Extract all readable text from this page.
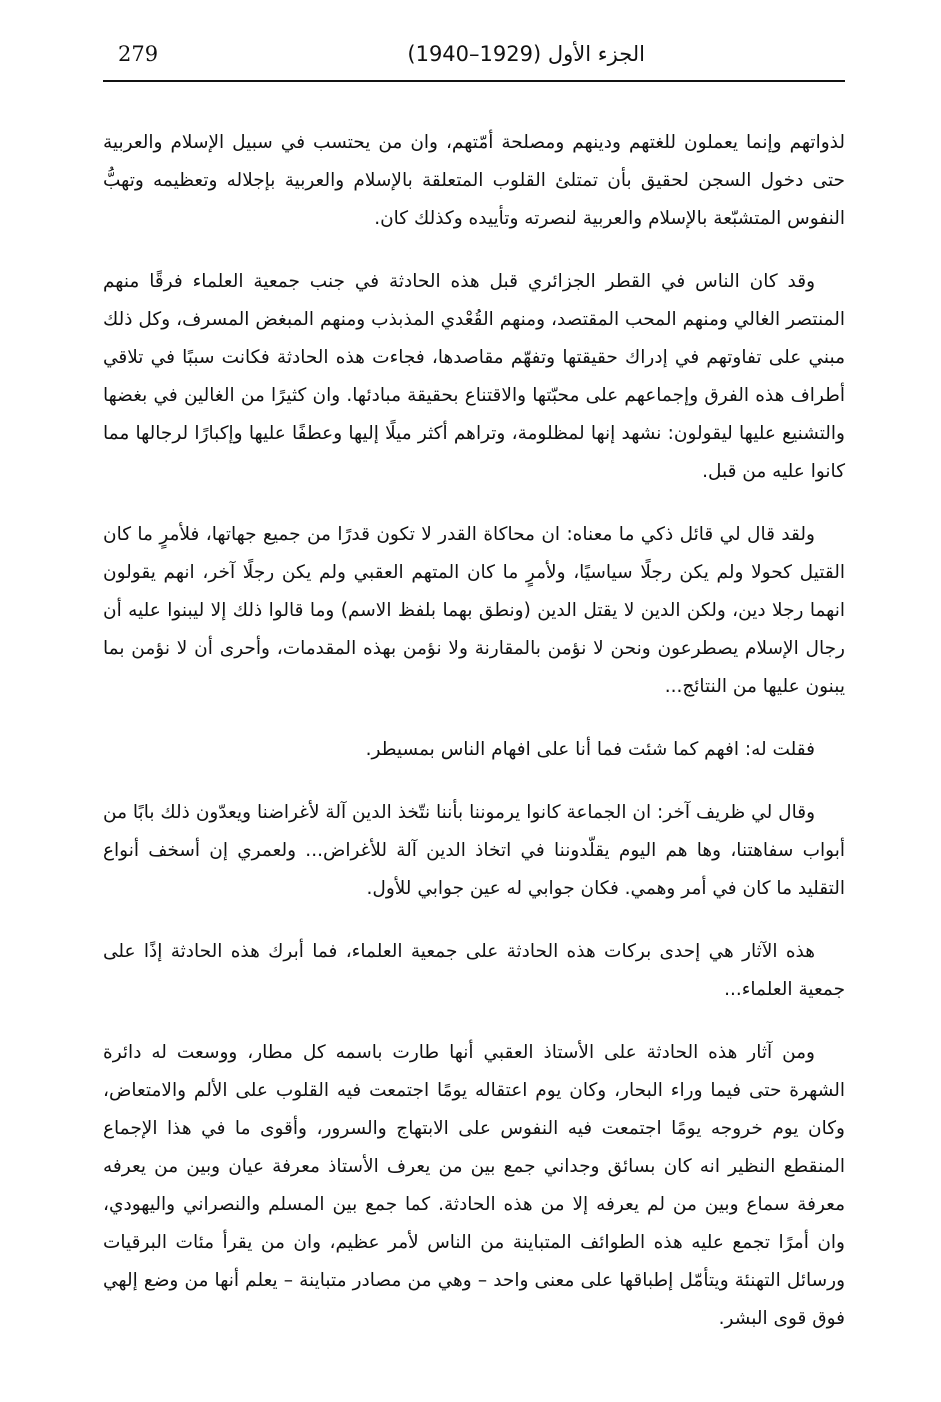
279	الجزء الأول (1929–1940)

لذواتهم وإنما يعملون للغتهم ودينهم ومصلحة أمّتهم، وان من يحتسب في سبيل الإسلام والعربية حتى دخول السجن لحقيق بأن تمتلئ القلوب المتعلقة بالإسلام والعربية بإجلاله وتعظيمه وتهبُّ النفوس المتشبّعة بالإسلام والعربية لنصرته وتأييده وكذلك كان.

وقد كان الناس في القطر الجزائري قبل هذه الحادثة في جنب جمعية العلماء فرقًا منهم المنتصر الغالي ومنهم المحب المقتصد، ومنهم القُعْدي المذبذب ومنهم المبغض المسرف، وكل ذلك مبني على تفاوتهم في إدراك حقيقتها وتفهّم مقاصدها، فجاءت هذه الحادثة فكانت سببًا في تلاقي أطراف هذه الفرق وإجماعهم على محبّتها والاقتناع بحقيقة مبادئها. وان كثيرًا من الغالين في بغضها والتشنيع عليها ليقولون: نشهد إنها لمظلومة، وتراهم أكثر ميلًا إليها وعطفًا عليها وإكبارًا لرجالها مما كانوا عليه من قبل.

ولقد قال لي قائل ذكي ما معناه: ان محاكاة القدر لا تكون قدرًا من جميع جهاتها، فلأمرٍ ما كان القتيل كحولا ولم يكن رجلًا سياسيًا، ولأمرٍ ما كان المتهم العقبي ولم يكن رجلًا آخر، انهم يقولون انهما رجلا دين، ولكن الدين لا يقتل الدين (ونطق بهما بلفظ الاسم) وما قالوا ذلك إلا ليبنوا عليه أن رجال الإسلام يصطرعون ونحن لا نؤمن بالمقارنة ولا نؤمن بهذه المقدمات، وأحرى أن لا نؤمن بما يبنون عليها من النتائج...

فقلت له: افهم كما شئت فما أنا على افهام الناس بمسيطر.

وقال لي ظريف آخر: ان الجماعة كانوا يرموننا بأننا نتّخذ الدين آلة لأغراضنا ويعدّون ذلك بابًا من أبواب سفاهتنا، وها هم اليوم يقلّدوننا في اتخاذ الدين آلة للأغراض... ولعمري إن أسخف أنواع التقليد ما كان في أمر وهمي. فكان جوابي له عين جوابي للأول.

هذه الآثار هي إحدى بركات هذه الحادثة على جمعية العلماء، فما أبرك هذه الحادثة إذًا على جمعية العلماء...

ومن آثار هذه الحادثة على الأستاذ العقبي أنها طارت باسمه كل مطار، ووسعت له دائرة الشهرة حتى فيما وراء البحار، وكان يوم اعتقاله يومًا اجتمعت فيه القلوب على الألم والامتعاض، وكان يوم خروجه يومًا اجتمعت فيه النفوس على الابتهاج والسرور، وأقوى ما في هذا الإجماع المنقطع النظير انه كان بسائق وجداني جمع بين من يعرف الأستاذ معرفة عيان وبين من يعرفه معرفة سماع وبين من لم يعرفه إلا من هذه الحادثة. كما جمع بين المسلم والنصراني واليهودي، وان أمرًا تجمع عليه هذه الطوائف المتباينة من الناس لأمر عظيم، وان من يقرأ مئات البرقيات ورسائل التهنئة ويتأمّل إطباقها على معنى واحد – وهي من مصادر متباينة – يعلم أنها من وضع إلهي فوق قوى البشر.
